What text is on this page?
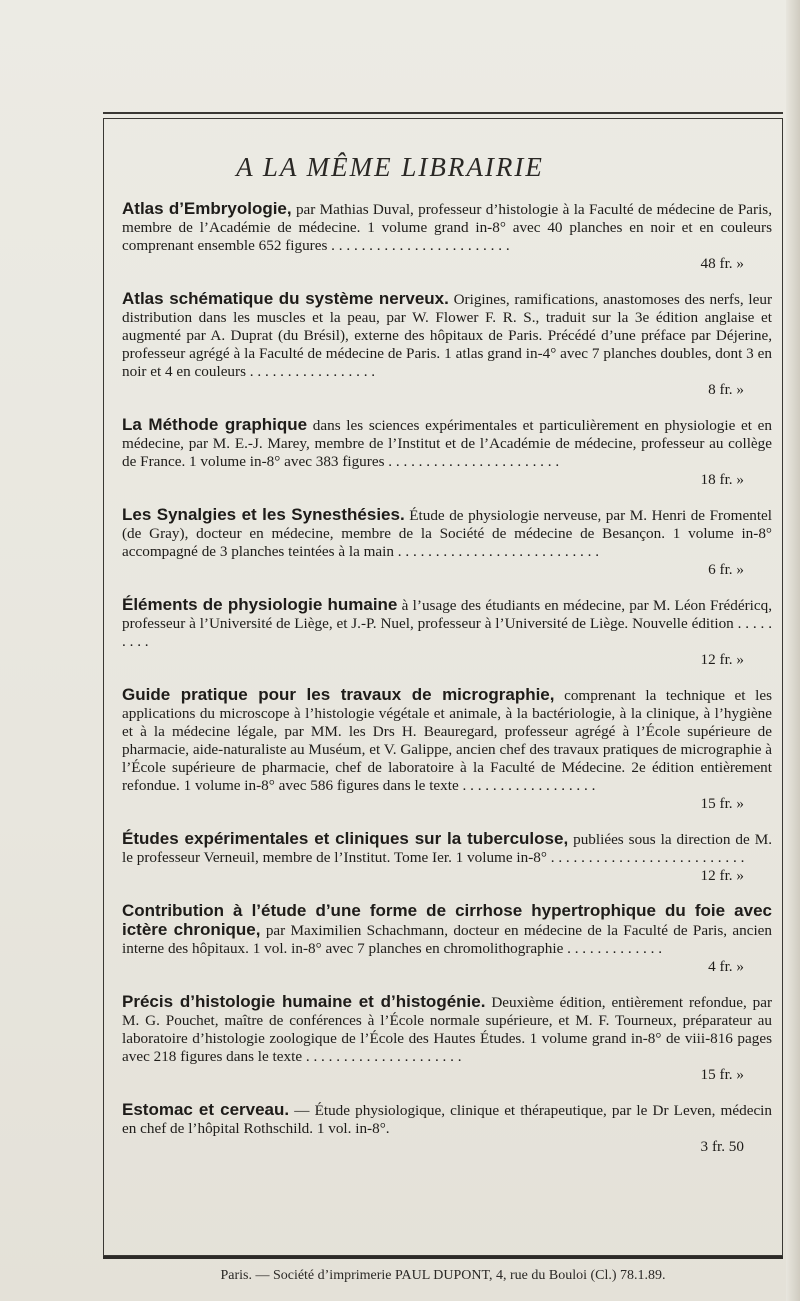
A LA MÊME LIBRAIRIE
Atlas d’Embryologie, par Mathias Duval, professeur d’histologie à la Faculté de médecine de Paris, membre de l’Académie de médecine. 1 volume grand in-8° avec 40 planches en noir et en couleurs comprenant ensemble 652 figures . . . . . . . . . . . . . . . . . . . . . . . .
48 fr. »
Atlas schématique du système nerveux. Origines, ramifications, anastomoses des nerfs, leur distribution dans les muscles et la peau, par W. Flower F. R. S., traduit sur la 3e édition anglaise et augmenté par A. Duprat (du Brésil), externe des hôpitaux de Paris. Précédé d’une préface par Déjerine, professeur agrégé à la Faculté de médecine de Paris. 1 atlas grand in-4° avec 7 planches doubles, dont 3 en noir et 4 en couleurs . . . . . . . . . . . . . . . . .
8 fr. »
La Méthode graphique dans les sciences expérimentales et particulièrement en physiologie et en médecine, par M. E.-J. Marey, membre de l’Institut et de l’Académie de médecine, professeur au collège de France. 1 volume in-8° avec 383 figures . . . . . . . . . . . . . . . . . . . . . . .
18 fr. »
Les Synalgies et les Synesthésies. Étude de physiologie nerveuse, par M. Henri de Fromentel (de Gray), docteur en médecine, membre de la Société de médecine de Besançon. 1 volume in-8° accompagné de 3 planches teintées à la main . . . . . . . . . . . . . . . . . . . . . . . . . . .
6 fr. »
Éléments de physiologie humaine à l’usage des étudiants en médecine, par M. Léon Frédéricq, professeur à l’Université de Liège, et J.-P. Nuel, professeur à l’Université de Liège. Nouvelle édition . . . . . . . . .
12 fr. »
Guide pratique pour les travaux de micrographie, comprenant la technique et les applications du microscope à l’histologie végétale et animale, à la bactériologie, à la clinique, à l’hygiène et à la médecine légale, par MM. les Drs H. Beauregard, professeur agrégé à l’École supérieure de pharmacie, aide-naturaliste au Muséum, et V. Galippe, ancien chef des travaux pratiques de micrographie à l’École supérieure de pharmacie, chef de laboratoire à la Faculté de Médecine. 2e édition entièrement refondue. 1 volume in-8° avec 586 figures dans le texte . . . . . . . . . . . . . . . . . .
15 fr. »
Études expérimentales et cliniques sur la tuberculose, publiées sous la direction de M. le professeur Verneuil, membre de l’Institut. Tome Ier. 1 volume in-8° . . . . . . . . . . . . . . . . . . . . . . . . . .
12 fr. »
Contribution à l’étude d’une forme de cirrhose hypertrophique du foie avec ictère chronique, par Maximilien Schachmann, docteur en médecine de la Faculté de Paris, ancien interne des hôpitaux. 1 vol. in-8° avec 7 planches en chromolithographie . . . . . . . . . . . . .
4 fr. »
Précis d’histologie humaine et d’histogénie. Deuxième édition, entièrement refondue, par M. G. Pouchet, maître de conférences à l’École normale supérieure, et M. F. Tourneux, préparateur au laboratoire d’histologie zoologique de l’École des Hautes Études. 1 volume grand in-8° de viii-816 pages avec 218 figures dans le texte . . . . . . . . . . . . . . . . . . . . .
15 fr. »
Estomac et cerveau. — Étude physiologique, clinique et thérapeutique, par le Dr Leven, médecin en chef de l’hôpital Rothschild. 1 vol. in-8°.
3 fr. 50
Paris. — Société d’imprimerie PAUL DUPONT, 4, rue du Bouloi (Cl.) 78.1.89.
